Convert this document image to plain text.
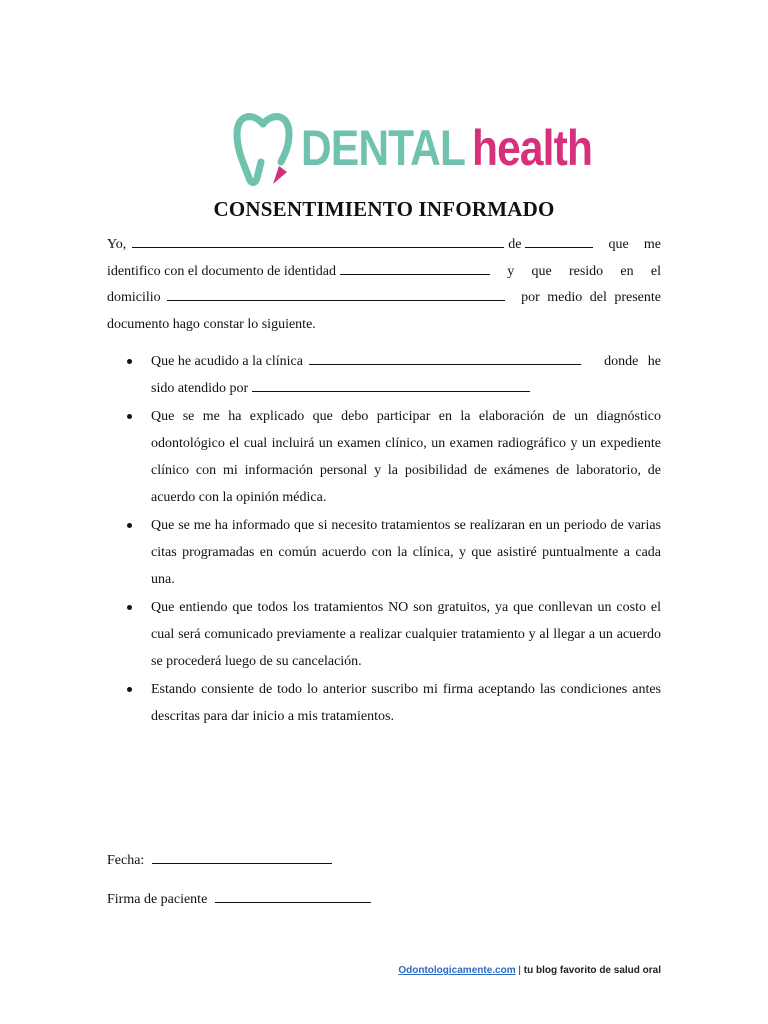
DENTAL health
CONSENTIMIENTO INFORMADO
Yo,	de	que me
identifico con el documento de identidad	y que resido en el
domicilio	por medio del presente
documento hago constar lo siguiente.
Que he acudido a la clínica	donde he
sido atendido por
Que se me ha explicado que debo participar en la elaboración de un diagnóstico odontológico el cual incluirá un examen clínico, un examen radiográfico y un expediente clínico con mi información personal y la posibilidad de exámenes de laboratorio, de acuerdo con la opinión médica.
Que se me ha informado que si necesito tratamientos se realizaran en un periodo de varias citas programadas en común acuerdo con la clínica, y que asistiré puntualmente a cada una.
Que entiendo que todos los tratamientos NO son gratuitos, ya que conllevan un costo el cual será comunicado previamente a realizar cualquier tratamiento y al llegar a un acuerdo se procederá luego de su cancelación.
Estando consiente de todo lo anterior suscribo mi firma aceptando las condiciones antes descritas para dar inicio a mis tratamientos.
Fecha:
Firma de paciente
Odontologicamente.com | tu blog favorito de salud oral
